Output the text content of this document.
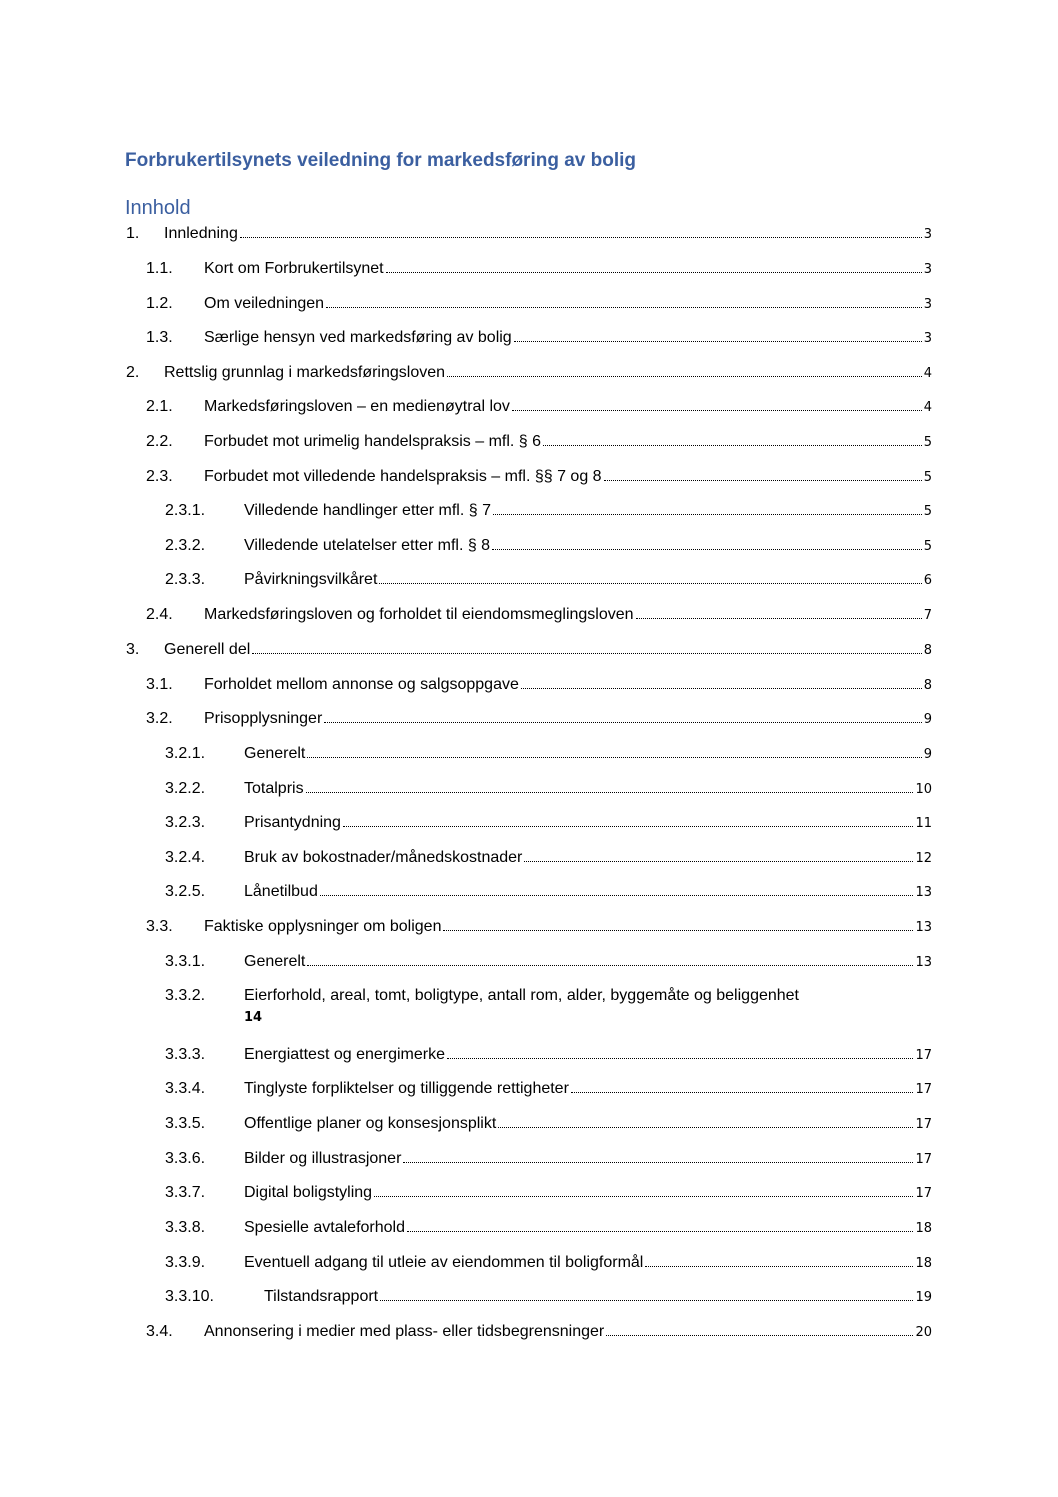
Forbrukertilsynets veiledning for markedsføring av bolig
Innhold
1. Innledning	3
1.1. Kort om Forbrukertilsynet	3
1.2. Om veiledningen	3
1.3. Særlige hensyn ved markedsføring av bolig	3
2. Rettslig grunnlag i markedsføringsloven	4
2.1. Markedsføringsloven – en medienøytral lov	4
2.2. Forbudet mot urimelig handelspraksis – mfl. § 6	5
2.3. Forbudet mot villedende handelspraksis – mfl. §§ 7 og 8	5
2.3.1. Villedende handlinger etter mfl. § 7	5
2.3.2. Villedende utelatelser etter mfl. § 8	5
2.3.3. Påvirkningsvilkåret	6
2.4. Markedsføringsloven og forholdet til eiendomsmeglingsloven	7
3. Generell del	8
3.1. Forholdet mellom annonse og salgsoppgave	8
3.2. Prisopplysninger	9
3.2.1. Generelt	9
3.2.2. Totalpris	10
3.2.3. Prisantydning	11
3.2.4. Bruk av bokostnader/månedskostnader	12
3.2.5. Lånetilbud	13
3.3. Faktiske opplysninger om boligen	13
3.3.1. Generelt	13
3.3.2. Eierforhold, areal, tomt, boligtype, antall rom, alder, byggemåte og beliggenhet
14
3.3.3. Energiattest og energimerke	17
3.3.4. Tinglyste forpliktelser og tilliggende rettigheter	17
3.3.5. Offentlige planer og konsesjonsplikt	17
3.3.6. Bilder og illustrasjoner	17
3.3.7. Digital boligstyling	17
3.3.8. Spesielle avtaleforhold	18
3.3.9. Eventuell adgang til utleie av eiendommen til boligformål	18
3.3.10.	Tilstandsrapport	19
3.4. Annonsering i medier med plass- eller tidsbegrensninger	20
